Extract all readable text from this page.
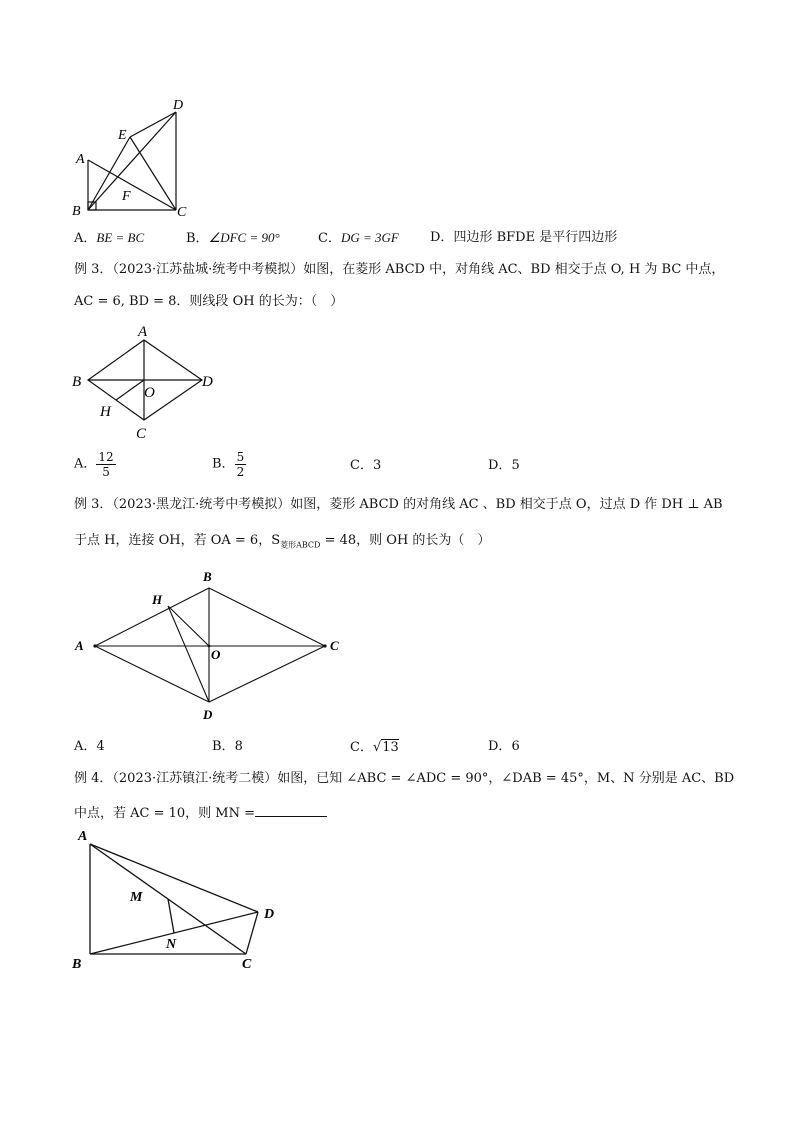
D
E
A
F
B	C
A．BE = BC	B．∠DFC = 90°	C．DG = 3GF D．四边形 BFDE 是平行四边形
例 3．（2023·江苏盐城·统考中考模拟）如图，在菱形 ABCD 中，对角线 AC、BD 相交于点 O, H 为 BC 中点，
AC = 6, BD = 8．则线段 OH 的长为：（　）
A
B	D
O
H
C
A． $\frac{12}{5}$	B． $\frac{5}{2}$	C．3	D．5
例 3．（2023·黑龙江·统考中考模拟）如图，菱形 ABCD 的对角线 AC 、BD 相交于点 O，过点 D 作 DH ⊥ AB
于点 H，连接 OH，若 OA = 6，$S_{菱形ABCD} = 48$，则 OH 的长为（　）
B
H
A
O
C
D
A．4	B．8	C．√13	D．6
例 4．（2023·江苏镇江·统考二模）如图，已知 ∠ABC = ∠ADC = 90°，∠DAB = 45°，M、N 分别是 AC、BD
中点，若 AC = 10，则 MN =
A
M
D
N
B	C
